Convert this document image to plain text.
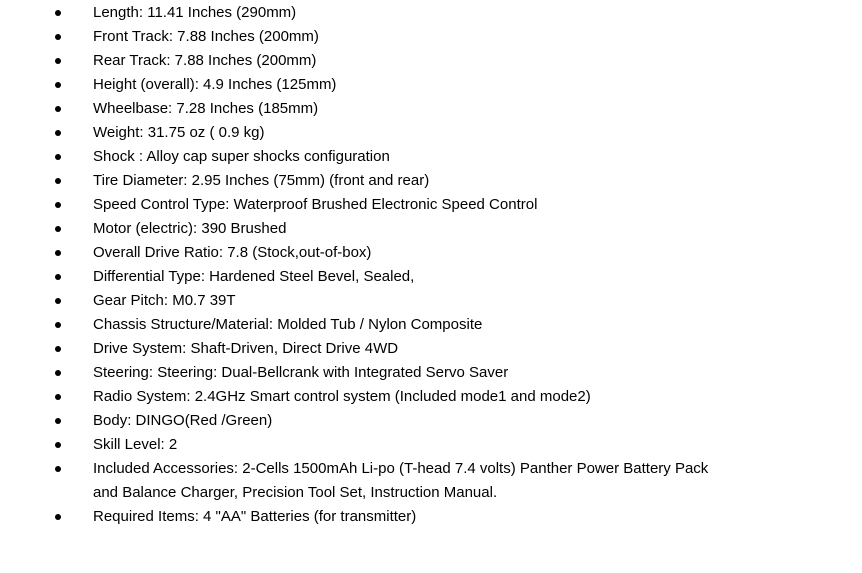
Length: 11.41 Inches (290mm)
Front Track: 7.88 Inches (200mm)
Rear Track: 7.88 Inches (200mm)
Height (overall): 4.9 Inches (125mm)
Wheelbase: 7.28 Inches (185mm)
Weight: 31.75 oz ( 0.9 kg)
Shock : Alloy cap super shocks configuration
Tire Diameter: 2.95 Inches (75mm) (front and rear)
Speed Control Type: Waterproof Brushed Electronic Speed Control
Motor (electric): 390 Brushed
Overall Drive Ratio: 7.8 (Stock,out-of-box)
Differential Type: Hardened Steel Bevel, Sealed,
Gear Pitch: M0.7 39T
Chassis Structure/Material: Molded Tub / Nylon Composite
Drive System: Shaft-Driven, Direct Drive 4WD
Steering: Steering: Dual-Bellcrank with Integrated Servo Saver
Radio System: 2.4GHz Smart control system (Included mode1 and mode2)
Body: DINGO(Red /Green)
Skill Level: 2
Included Accessories: 2-Cells 1500mAh Li-po (T-head 7.4 volts) Panther Power Battery Pack and Balance Charger, Precision Tool Set, Instruction Manual.
Required Items: 4 "AA" Batteries (for transmitter)
